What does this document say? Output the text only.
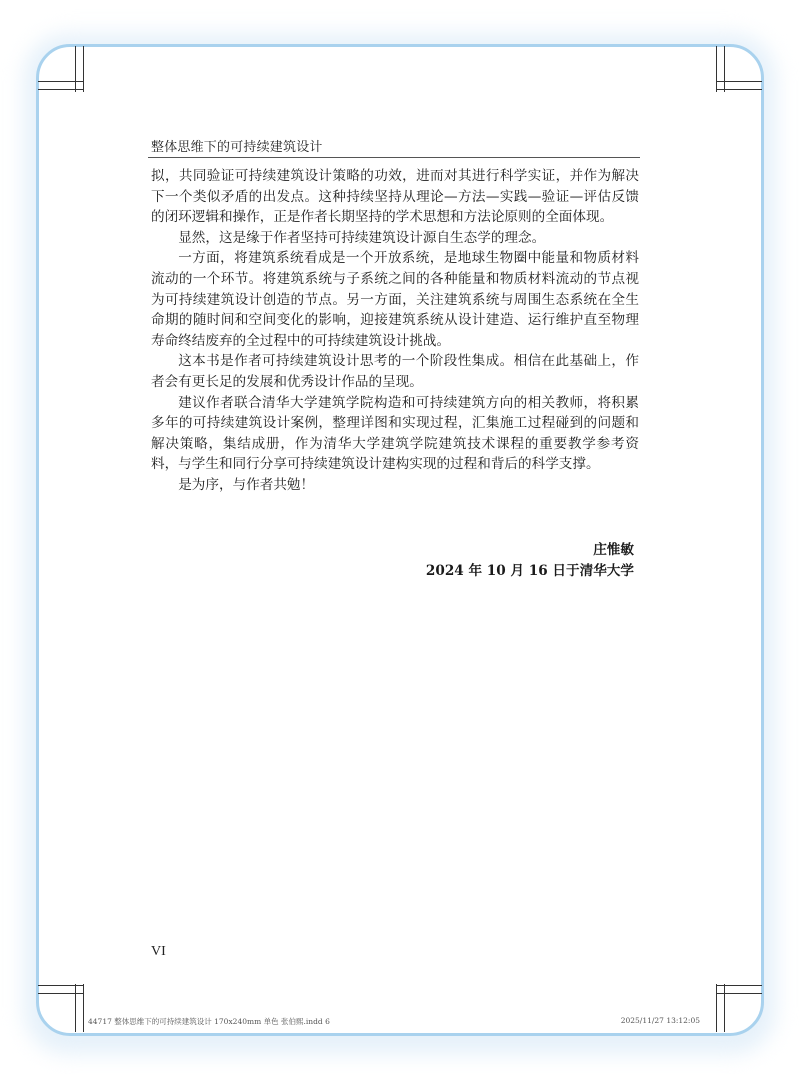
整体思维下的可持续建筑设计

拟，共同验证可持续建筑设计策略的功效，进而对其进行科学实证，并作为解决下一个类似矛盾的出发点。这种持续坚持从理论—方法—实践—验证—评估反馈的闭环逻辑和操作，正是作者长期坚持的学术思想和方法论原则的全面体现。

显然，这是缘于作者坚持可持续建筑设计源自生态学的理念。

一方面，将建筑系统看成是一个开放系统，是地球生物圈中能量和物质材料流动的一个环节。将建筑系统与子系统之间的各种能量和物质材料流动的节点视为可持续建筑设计创造的节点。另一方面，关注建筑系统与周围生态系统在全生命期的随时间和空间变化的影响，迎接建筑系统从设计建造、运行维护直至物理寿命终结废弃的全过程中的可持续建筑设计挑战。

这本书是作者可持续建筑设计思考的一个阶段性集成。相信在此基础上，作者会有更长足的发展和优秀设计作品的呈现。

建议作者联合清华大学建筑学院构造和可持续建筑方向的相关教师，将积累多年的可持续建筑设计案例，整理详图和实现过程，汇集施工过程碰到的问题和解决策略，集结成册，作为清华大学建筑学院建筑技术课程的重要教学参考资料，与学生和同行分享可持续建筑设计建构实现的过程和背后的科学支撑。

是为序，与作者共勉！

庄惟敏
2024 年 10 月 16 日于清华大学
VI
44717 整体思维下的可持续建筑设计 170x240mm 单色 张伯熙.indd 6	2025/11/27 13:12:05
